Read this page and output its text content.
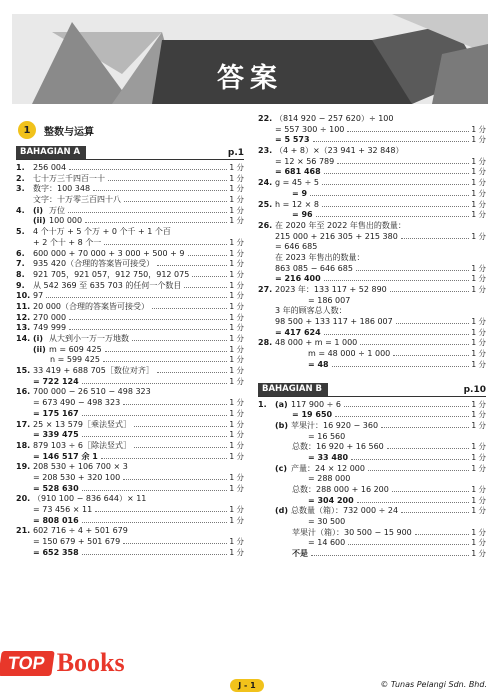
答案
1	整数与运算
BAHAGIAN A	p.1
1.	256 004	1 分
2.	七十万三千四百一十	1 分
3.	数字：100 348	1 分
文字：十万零三百四十八	1 分
4.	(i) 万位	1 分
(ii) 100 000	1 分
5.	4 个十万 + 5 个万 + 0 个千 + 1 个百
+ 2 个十 + 8 个一	1 分
6.	600 000 + 70 000 + 3 000 + 500 + 9	1 分
7.	935 420（合理的答案皆可接受）	1 分
8.	921 705，921 057，912 750，912 075	1 分
9.	从 542 369 至 635 703 的任何一个数目	1 分
10. 97	1 分
11. 20 000（合理的答案皆可接受）	1 分
12. 270 000	1 分
13. 749 999	1 分
14. (i) 从大到小一万一万地数	1 分
(ii) m = 609 425	1 分
n = 599 425	1 分
15. 33 419 + 688 705［数位对齐］	1 分
= 722 124	1 分
16. 700 000 − 26 510 − 498 323
= 673 490 − 498 323	1 分
= 175 167	1 分
17. 25 × 13 579［乘法竖式］	1 分
= 339 475	1 分
18. 879 103 ÷ 6［除法竖式］	1 分
= 146 517 余 1	1 分
19. 208 530 + 106 700 × 3
= 208 530 + 320 100	1 分
= 528 630	1 分
20. （910 100 − 836 644）× 11
= 73 456 × 11	1 分
= 808 016	1 分
21. 602 716 ÷ 4 + 501 679
= 150 679 + 501 679	1 分
= 652 358	1 分
22. （814 920 − 257 620）÷ 100
= 557 300 ÷ 100	1 分
= 5 573	1 分
23. （4 + 8）×（23 941 + 32 848）
= 12 × 56 789	1 分
= 681 468	1 分
24. g = 45 ÷ 5	1 分
= 9	1 分
25. h = 12 × 8	1 分
= 96	1 分
26. 在 2020 年至 2022 年售出的数量：
215 000 + 216 305 + 215 380	1 分
= 646 685
在 2023 年售出的数量：
863 085 − 646 685	1 分
= 216 400	1 分
27. 2023 年：133 117 + 52 890	1 分
= 186 007
3 年的顾客总人数：
98 500 + 133 117 + 186 007	1 分
= 417 624	1 分
28. 48 000 + m = 1 000	1 分
m = 48 000 ÷ 1 000	1 分
= 48	1 分
BAHAGIAN B	p.10
1.	(a) 117 900 ÷ 6	1 分
= 19 650	1 分
(b) 苹果汁：16 920 − 360	1 分
= 16 560
总数：16 920 + 16 560	1 分
= 33 480	1 分
(c) 产量：24 × 12 000	1 分
= 288 000
总数：288 000 + 16 200	1 分
= 304 200	1 分
(d) 总数量（箱）：732 000 ÷ 24	1 分
= 30 500
苹果汁（箱）：30 500 − 15 900	1 分
= 14 600	1 分
不是	1 分
TOP Books
J - 1	© Tunas Pelangi Sdn. Bhd.
